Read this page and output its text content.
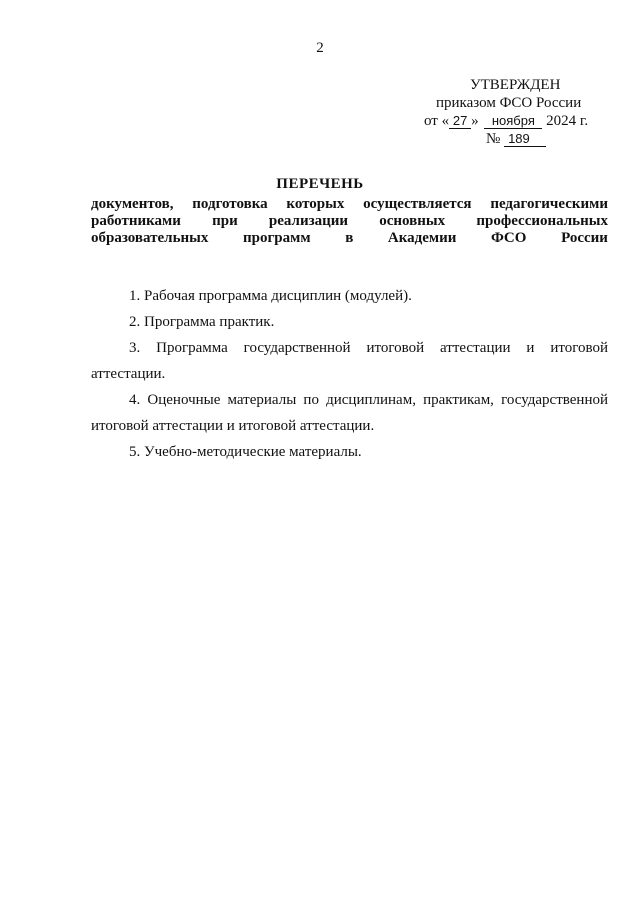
2
УТВЕРЖДЕН
приказом ФСО России
от « 27 » ноября 2024 г.
№ 189
ПЕРЕЧЕНЬ
документов, подготовка которых осуществляется педагогическими
работниками при реализации основных профессиональных
образовательных программ в Академии ФСО России

1. Рабочая программа дисциплин (модулей).

2. Программа практик.

3. Программа государственной итоговой аттестации и итоговой аттестации.

4. Оценочные материалы по дисциплинам, практикам, государственной итоговой аттестации и итоговой аттестации.

5. Учебно-методические материалы.
